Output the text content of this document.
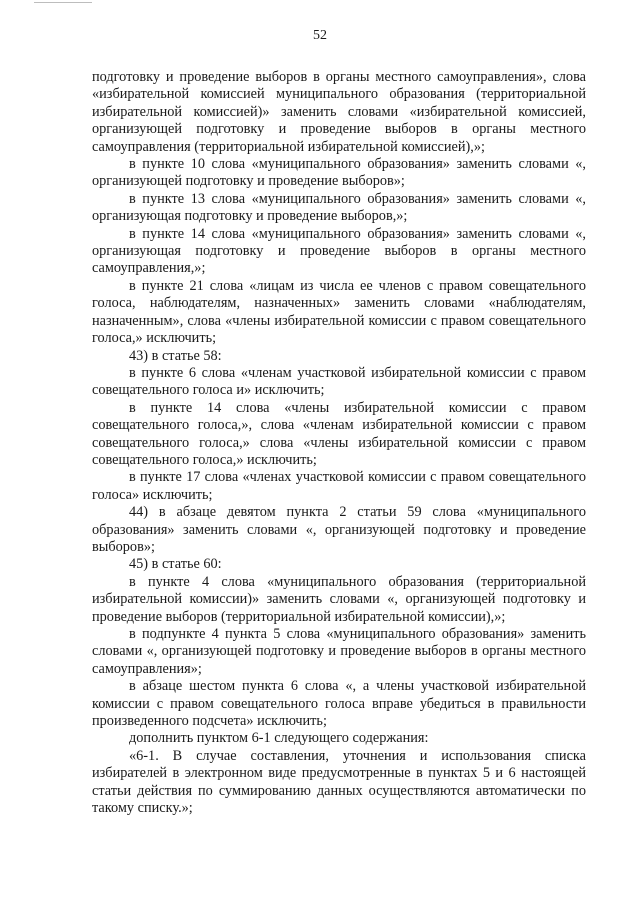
52

подготовку и проведение выборов в органы местного самоуправления», слова «избирательной комиссией муниципального образования (территориальной избирательной комиссией)» заменить словами «избирательной комиссией, организующей подготовку и проведение выборов в органы местного самоуправления (территориальной избирательной комиссией),»;

в пункте 10 слова «муниципального образования» заменить словами «, организующей подготовку и проведение выборов»;

в пункте 13 слова «муниципального образования» заменить словами «, организующая подготовку и проведение выборов,»;

в пункте 14 слова «муниципального образования» заменить словами «, организующая подготовку и проведение выборов в органы местного самоуправления,»;

в пункте 21 слова «лицам из числа ее членов с правом совещательного голоса, наблюдателям, назначенных» заменить словами «наблюдателям, назначенным», слова «члены избирательной комиссии с правом совещательного голоса,» исключить;

43) в статье 58:

в пункте 6 слова «членам участковой избирательной комиссии с правом совещательного голоса и» исключить;

в пункте 14 слова «члены избирательной комиссии с правом совещательного голоса,», слова «членам избирательной комиссии с правом совещательного голоса,» слова «члены избирательной комиссии с правом совещательного голоса,» исключить;

в пункте 17 слова «членах участковой комиссии с правом совещательного голоса» исключить;

44) в абзаце девятом пункта 2 статьи 59 слова «муниципального образования» заменить словами «, организующей подготовку и проведение выборов»;

45) в статье 60:

в пункте 4 слова «муниципального образования (территориальной избирательной комиссии)» заменить словами «, организующей подготовку и проведение выборов (территориальной избирательной комиссии),»;

в подпункте 4 пункта 5 слова «муниципального образования» заменить словами «, организующей подготовку и проведение выборов в органы местного самоуправления»;

в абзаце шестом пункта 6 слова «, а члены участковой избирательной комиссии с правом совещательного голоса вправе убедиться в правильности произведенного подсчета» исключить;

дополнить пунктом 6-1 следующего содержания:

«6-1. В случае составления, уточнения и использования списка избирателей в электронном виде предусмотренные в пунктах 5 и 6 настоящей статьи действия по суммированию данных осуществляются автоматически по такому списку.»;
